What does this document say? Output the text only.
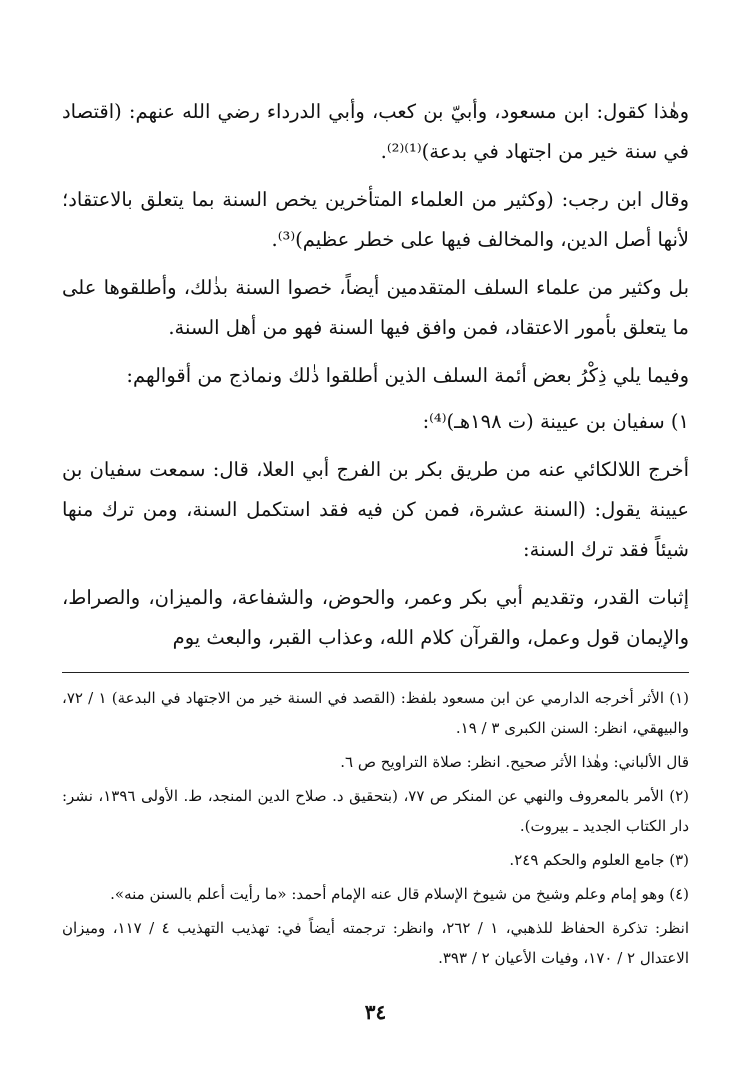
وهٰذا كقول: ابن مسعود، وأبيّ بن كعب، وأبي الدرداء رضي الله عنهم: (اقتصاد في سنة خير من اجتهاد في بدعة)⁽¹⁾⁽²⁾.

وقال ابن رجب: (وكثير من العلماء المتأخرين يخص السنة بما يتعلق بالاعتقاد؛ لأنها أصل الدين، والمخالف فيها على خطر عظيم)⁽³⁾.

بل وكثير من علماء السلف المتقدمين أيضاً، خصوا السنة بذٰلك، وأطلقوها على ما يتعلق بأمور الاعتقاد، فمن وافق فيها السنة فهو من أهل السنة.

وفيما يلي ذِكْرُ بعض أئمة السلف الذين أطلقوا ذٰلك ونماذج من أقوالهم:

١) سفيان بن عيينة (ت ١٩٨هـ)⁽⁴⁾:

أخرج اللالكائي عنه من طريق بكر بن الفرج أبي العلا، قال: سمعت سفيان بن عيينة يقول: (السنة عشرة، فمن كن فيه فقد استكمل السنة، ومن ترك منها شيئاً فقد ترك السنة:

إثبات القدر، وتقديم أبي بكر وعمر، والحوض، والشفاعة، والميزان، والصراط، والإيمان قول وعمل، والقرآن كلام الله، وعذاب القبر، والبعث يوم

(١) الأثر أخرجه الدارمي عن ابن مسعود بلفظ: (القصد في السنة خير من الاجتهاد في البدعة) ١ / ٧٢، والبيهقي، انظر: السنن الكبرى ٣ / ١٩.

قال الألباني: وهٰذا الأثر صحيح. انظر: صلاة التراويح ص ٦.

(٢) الأمر بالمعروف والنهي عن المنكر ص ٧٧، (بتحقيق د. صلاح الدين المنجد، ط. الأولى ١٣٩٦، نشر: دار الكتاب الجديد ـ بيروت).

(٣) جامع العلوم والحكم ٢٤٩.

(٤) وهو إمام وعلم وشيخ من شيوخ الإسلام قال عنه الإمام أحمد: «ما رأيت أعلم بالسنن منه».

انظر: تذكرة الحفاظ للذهبي، ١ / ٢٦٢، وانظر: ترجمته أيضاً في: تهذيب التهذيب ٤ / ١١٧، وميزان الاعتدال ٢ / ١٧٠، وفيات الأعيان ٢ / ٣٩٣.

٣٤
